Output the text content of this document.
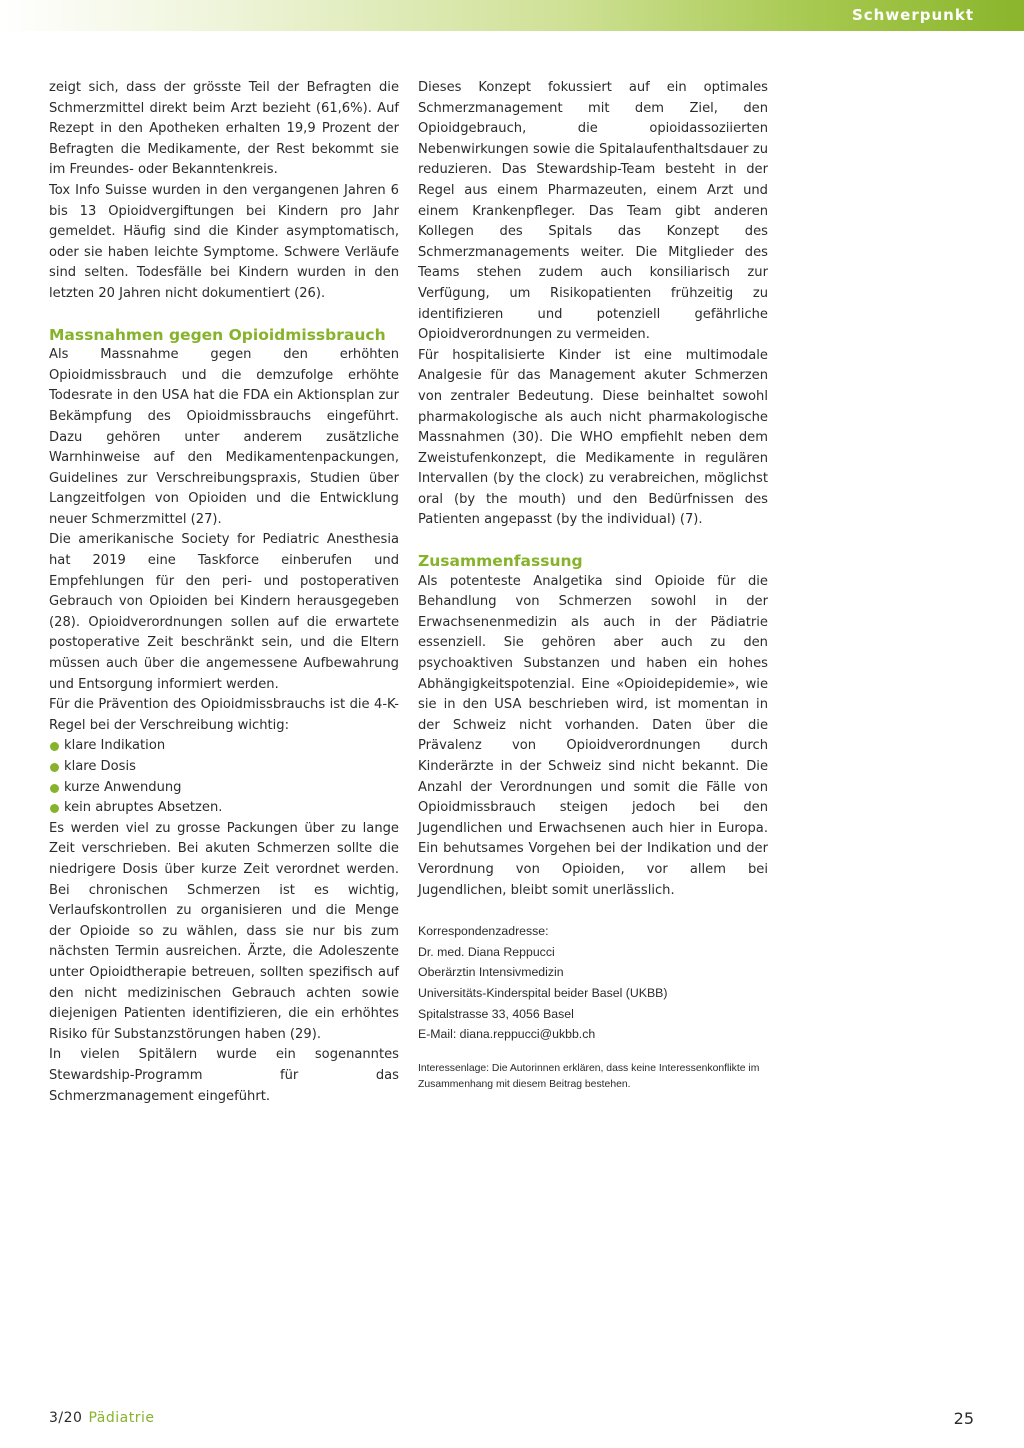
Schwerpunkt

zeigt sich, dass der grösste Teil der Befragten die Schmerzmittel direkt beim Arzt bezieht (61,6%). Auf Rezept in den Apotheken erhalten 19,9 Prozent der Befragten die Medikamente, der Rest bekommt sie im Freundes- oder Bekanntenkreis.

Tox Info Suisse wurden in den vergangenen Jahren 6 bis 13 Opioidvergiftungen bei Kindern pro Jahr gemeldet. Häufig sind die Kinder asymptomatisch, oder sie haben leichte Symptome. Schwere Verläufe sind selten. Todesfälle bei Kindern wurden in den letzten 20 Jahren nicht dokumentiert (26).

Massnahmen gegen Opioidmissbrauch

Als Massnahme gegen den erhöhten Opioidmissbrauch und die demzufolge erhöhte Todesrate in den USA hat die FDA ein Aktionsplan zur Bekämpfung des Opioidmissbrauchs eingeführt. Dazu gehören unter anderem zusätzliche Warnhinweise auf den Medikamentenpackungen, Guidelines zur Verschreibungspraxis, Studien über Langzeitfolgen von Opioiden und die Entwicklung neuer Schmerzmittel (27).

Die amerikanische Society for Pediatric Anesthesia hat 2019 eine Taskforce einberufen und Empfehlungen für den peri- und postoperativen Gebrauch von Opioiden bei Kindern herausgegeben (28). Opioidverordnungen sollen auf die erwartete postoperative Zeit beschränkt sein, und die Eltern müssen auch über die angemessene Aufbewahrung und Entsorgung informiert werden.

Für die Prävention des Opioidmissbrauchs ist die 4-K-Regel bei der Verschreibung wichtig:

klare Indikation
klare Dosis
kurze Anwendung
kein abruptes Absetzen.

Es werden viel zu grosse Packungen über zu lange Zeit verschrieben. Bei akuten Schmerzen sollte die niedrigere Dosis über kurze Zeit verordnet werden. Bei chronischen Schmerzen ist es wichtig, Verlaufskontrollen zu organisieren und die Menge der Opioide so zu wählen, dass sie nur bis zum nächsten Termin ausreichen. Ärzte, die Adoleszente unter Opioidtherapie betreuen, sollten spezifisch auf den nicht medizinischen Gebrauch achten sowie diejenigen Patienten identifizieren, die ein erhöhtes Risiko für Substanzstörungen haben (29).

In vielen Spitälern wurde ein sogenanntes Stewardship-Programm für das Schmerzmanagement eingeführt.

Dieses Konzept fokussiert auf ein optimales Schmerzmanagement mit dem Ziel, den Opioidgebrauch, die opioidassoziierten Nebenwirkungen sowie die Spitalaufenthaltsdauer zu reduzieren. Das Stewardship-Team besteht in der Regel aus einem Pharmazeuten, einem Arzt und einem Krankenpfleger. Das Team gibt anderen Kollegen des Spitals das Konzept des Schmerzmanagements weiter. Die Mitglieder des Teams stehen zudem auch konsiliarisch zur Verfügung, um Risikopatienten frühzeitig zu identifizieren und potenziell gefährliche Opioidverordnungen zu vermeiden.

Für hospitalisierte Kinder ist eine multimodale Analgesie für das Management akuter Schmerzen von zentraler Bedeutung. Diese beinhaltet sowohl pharmakologische als auch nicht pharmakologische Massnahmen (30). Die WHO empfiehlt neben dem Zweistufenkonzept, die Medikamente in regulären Intervallen (by the clock) zu verabreichen, möglichst oral (by the mouth) und den Bedürfnissen des Patienten angepasst (by the individual) (7).

Zusammenfassung

Als potenteste Analgetika sind Opioide für die Behandlung von Schmerzen sowohl in der Erwachsenenmedizin als auch in der Pädiatrie essenziell. Sie gehören aber auch zu den psychoaktiven Substanzen und haben ein hohes Abhängigkeitspotenzial. Eine «Opioidepidemie», wie sie in den USA beschrieben wird, ist momentan in der Schweiz nicht vorhanden. Daten über die Prävalenz von Opioidverordnungen durch Kinderärzte in der Schweiz sind nicht bekannt. Die Anzahl der Verordnungen und somit die Fälle von Opioidmissbrauch steigen jedoch bei den Jugendlichen und Erwachsenen auch hier in Europa. Ein behutsames Vorgehen bei der Indikation und der Verordnung von Opioiden, vor allem bei Jugendlichen, bleibt somit unerlässlich.

Korrespondenzadresse:
Dr. med. Diana Reppucci
Oberärztin Intensivmedizin
Universitäts-Kinderspital beider Basel (UKBB)
Spitalstrasse 33, 4056 Basel
E-Mail: diana.reppucci@ukbb.ch
Interessenlage: Die Autorinnen erklären, dass keine Interessenkonflikte im Zusammenhang mit diesem Beitrag bestehen.
3/20 Pädiatrie	25
